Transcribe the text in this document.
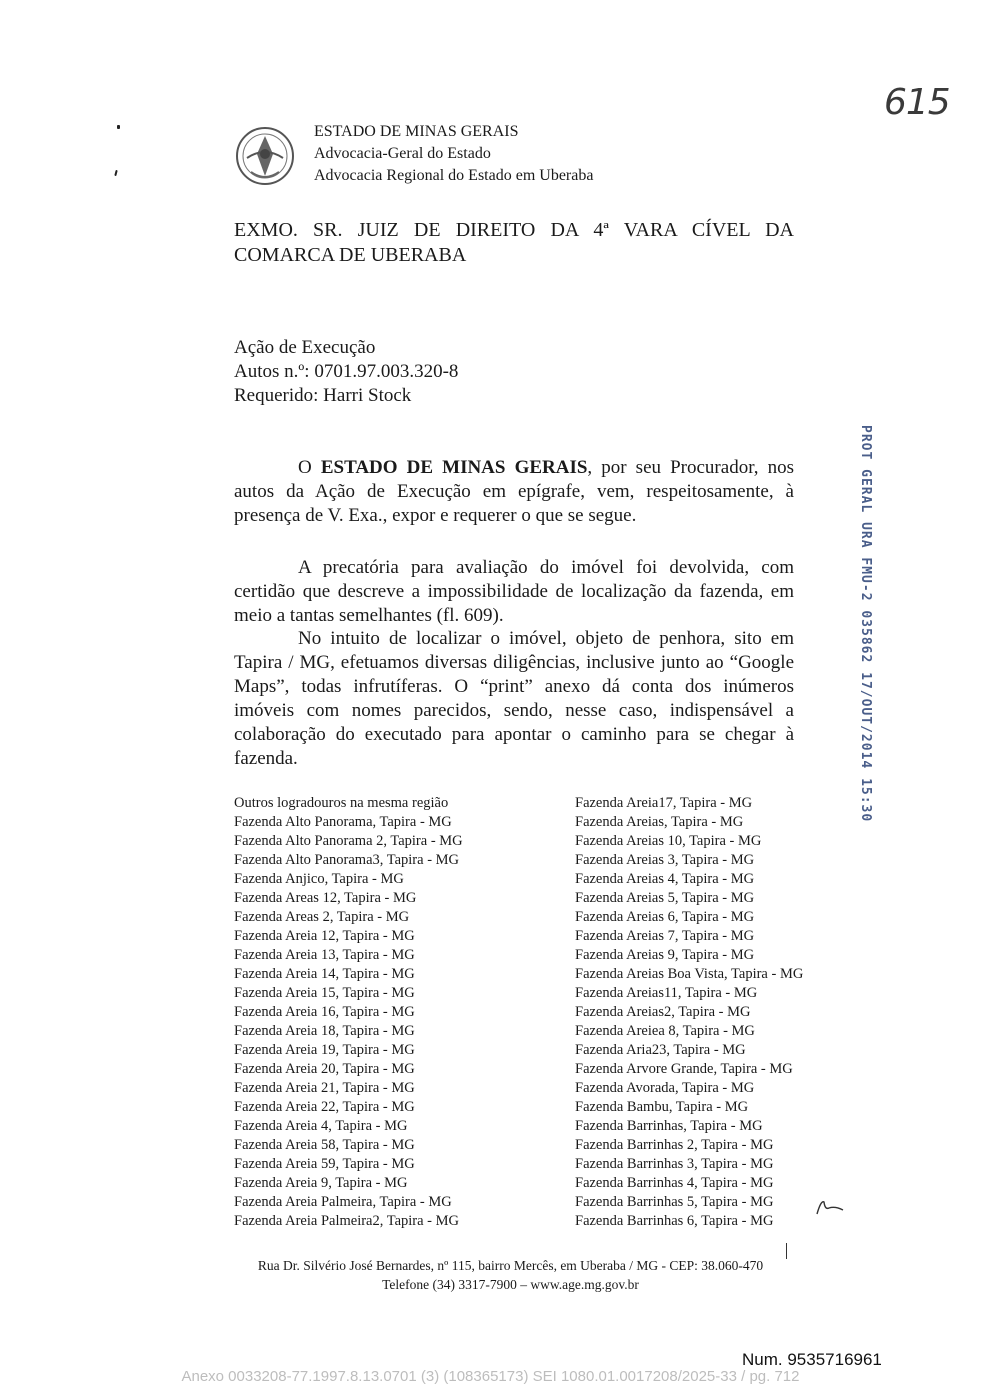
615
ESTADO DE MINAS GERAIS
Advocacia-Geral do Estado
Advocacia Regional do Estado em Uberaba
EXMO. SR. JUIZ DE DIREITO DA 4ª VARA CÍVEL DA COMARCA DE UBERABA
Ação de Execução
Autos n.º: 0701.97.003.320-8
Requerido: Harri Stock

O ESTADO DE MINAS GERAIS, por seu Procurador, nos autos da Ação de Execução em epígrafe, vem, respeitosamente, à presença de V. Exa., expor e requerer o que se segue.

A precatória para avaliação do imóvel foi devolvida, com certidão que descreve a impossibilidade de localização da fazenda, em meio a tantas semelhantes (fl. 609).

No intuito de localizar o imóvel, objeto de penhora, sito em Tapira / MG, efetuamos diversas diligências, inclusive junto ao “Google Maps”, todas infrutíferas. O “print” anexo dá conta dos inúmeros imóveis com nomes parecidos, sendo, nesse caso, indispensável a colaboração do executado para apontar o caminho para se chegar à fazenda.

Outros logradouros na mesma região
Fazenda Alto Panorama, Tapira - MG
Fazenda Alto Panorama 2, Tapira - MG
Fazenda Alto Panorama3, Tapira - MG
Fazenda Anjico, Tapira - MG
Fazenda Areas 12, Tapira - MG
Fazenda Areas 2, Tapira - MG
Fazenda Areia 12, Tapira - MG
Fazenda Areia 13, Tapira - MG
Fazenda Areia 14, Tapira - MG
Fazenda Areia 15, Tapira - MG
Fazenda Areia 16, Tapira - MG
Fazenda Areia 18, Tapira - MG
Fazenda Areia 19, Tapira - MG
Fazenda Areia 20, Tapira - MG
Fazenda Areia 21, Tapira - MG
Fazenda Areia 22, Tapira - MG
Fazenda Areia 4, Tapira - MG
Fazenda Areia 58, Tapira - MG
Fazenda Areia 59, Tapira - MG
Fazenda Areia 9, Tapira - MG
Fazenda Areia Palmeira, Tapira - MG
Fazenda Areia Palmeira2, Tapira - MG
Fazenda Areia17, Tapira - MG
Fazenda Areias, Tapira - MG
Fazenda Areias 10, Tapira - MG
Fazenda Areias 3, Tapira - MG
Fazenda Areias 4, Tapira - MG
Fazenda Areias 5, Tapira - MG
Fazenda Areias 6, Tapira - MG
Fazenda Areias 7, Tapira - MG
Fazenda Areias 9, Tapira - MG
Fazenda Areias Boa Vista, Tapira - MG
Fazenda Areias11, Tapira - MG
Fazenda Areias2, Tapira - MG
Fazenda Areiea 8, Tapira - MG
Fazenda Aria23, Tapira - MG
Fazenda Arvore Grande, Tapira - MG
Fazenda Avorada, Tapira - MG
Fazenda Bambu, Tapira - MG
Fazenda Barrinhas, Tapira - MG
Fazenda Barrinhas 2, Tapira - MG
Fazenda Barrinhas 3, Tapira - MG
Fazenda Barrinhas 4, Tapira - MG
Fazenda Barrinhas 5, Tapira - MG
Fazenda Barrinhas 6, Tapira - MG
Rua Dr. Silvério José Bernardes, nº 115, bairro Mercês, em Uberaba / MG - CEP: 38.060-470
Telefone (34) 3317-7900 – www.age.mg.gov.br
PROT GERAL URA FMU-2 035862 17/OUT/2014 15:30
Num. 9535716961
Anexo 0033208-77.1997.8.13.0701 (3) (108365173) SEI 1080.01.0017208/2025-33 / pg. 712
